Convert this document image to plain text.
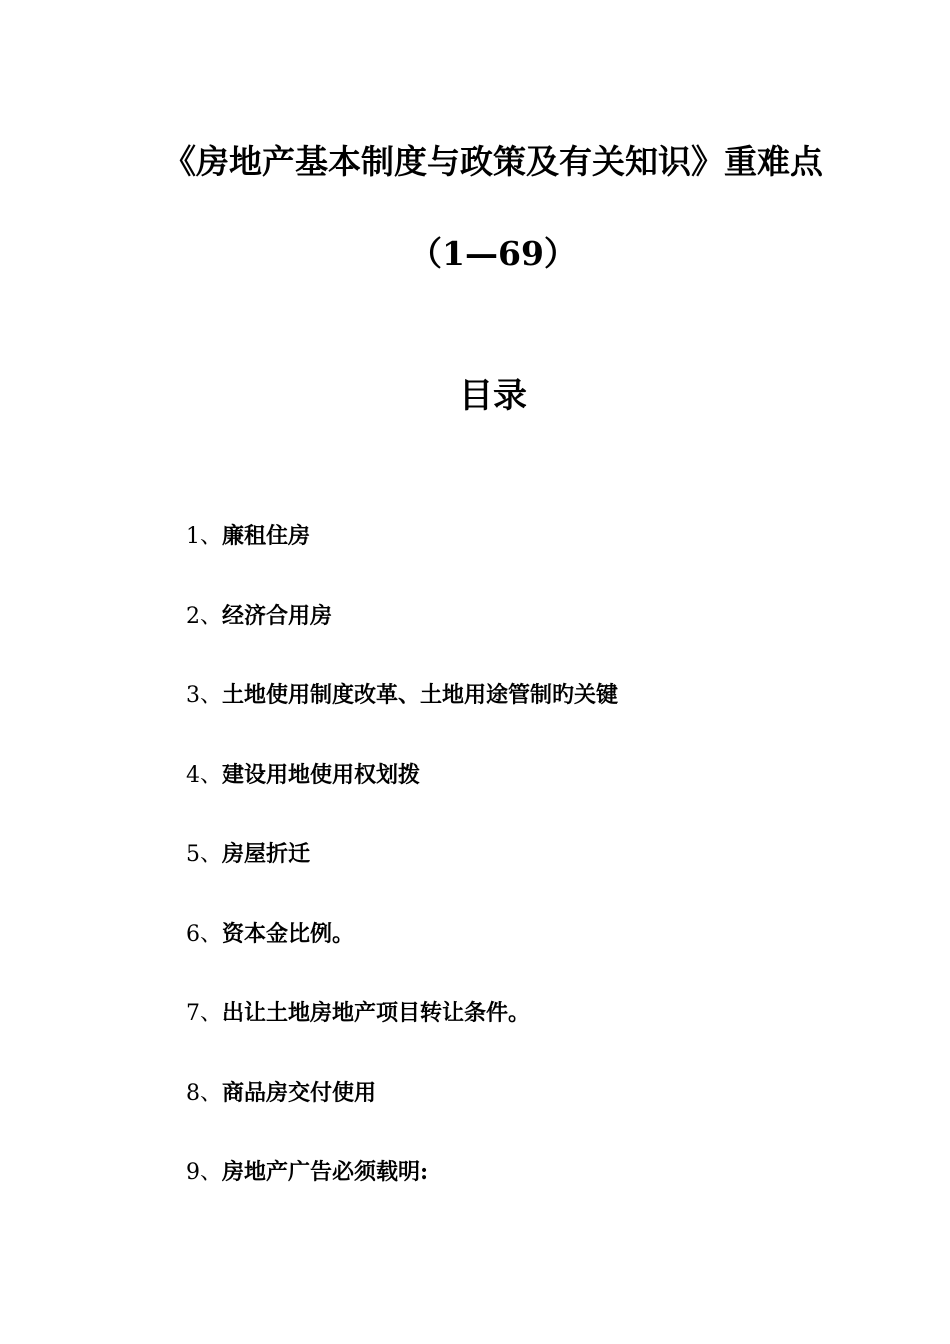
《房地产基本制度与政策及有关知识》重难点
（1—69）
目录
1、廉租住房
2、经济合用房
3、土地使用制度改革、土地用途管制旳关键
4、建设用地使用权划拨
5、房屋折迁
6、资本金比例。
7、出让土地房地产项目转让条件。
8、商品房交付使用
9、房地产广告必须载明:
